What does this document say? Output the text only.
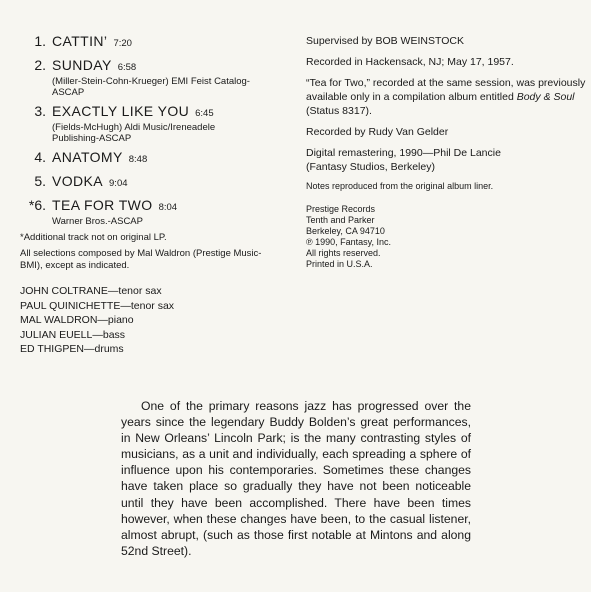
1. CATTIN’ 7:20
2. SUNDAY 6:58
(Miller-Stein-Cohn-Krueger) EMI Feist Catalog-
ASCAP
3. EXACTLY LIKE YOU 6:45
(Fields-McHugh) Aldi Music/Ireneadele
Publishing-ASCAP
4. ANATOMY 8:48
5. VODKA 9:04
*6. TEA FOR TWO 8:04
Warner Bros.-ASCAP
*Additional track not on original LP.
All selections composed by Mal Waldron (Prestige Music-BMI), except as indicated.
JOHN COLTRANE—tenor sax
PAUL QUINICHETTE—tenor sax
MAL WALDRON—piano
JULIAN EUELL—bass
ED THIGPEN—drums
Supervised by BOB WEINSTOCK
Recorded in Hackensack, NJ; May 17, 1957.
“Tea for Two,” recorded at the same session, was previously available only in a compilation album entitled Body & Soul (Status 8317).
Recorded by Rudy Van Gelder
Digital remastering, 1990—Phil De Lancie
(Fantasy Studios, Berkeley)
Notes reproduced from the original album liner.
Prestige Records
Tenth and Parker
Berkeley, CA 94710
℗ 1990, Fantasy, Inc.
All rights reserved.
Printed in U.S.A.

One of the primary reasons jazz has progressed over the years since the legendary Buddy Bolden’s great performances, in New Orleans’ Lincoln Park; is the many contrasting styles of musicians, as a unit and individually, each spreading a sphere of influence upon his contemporaries. Sometimes these changes have taken place so gradually they have not been noticeable until they have been accomplished. There have been times however, when these changes have been, to the casual listener, almost abrupt, (such as those first notable at Mintons and along 52nd Street).
